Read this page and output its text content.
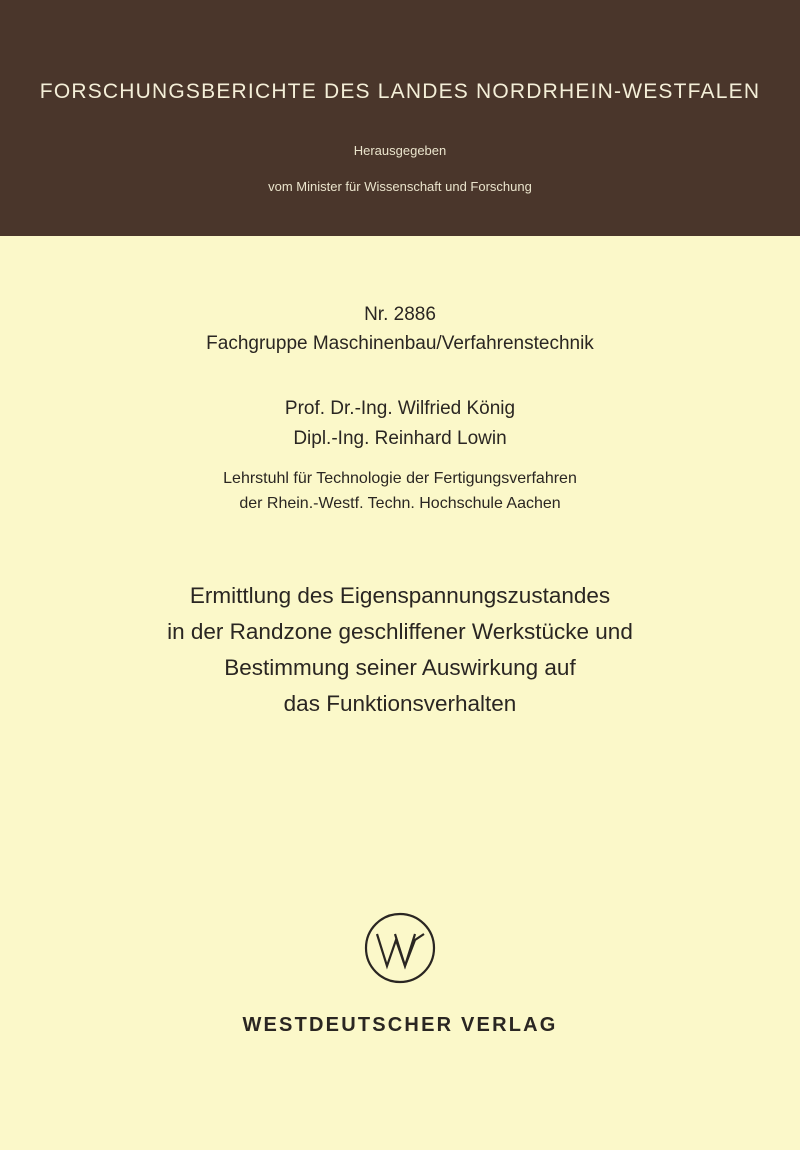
FORSCHUNGSBERICHTE DES LANDES NORDRHEIN-WESTFALEN
Herausgegeben
vom Minister für Wissenschaft und Forschung
Nr. 2886
Fachgruppe Maschinenbau/Verfahrenstechnik
Prof. Dr.-Ing. Wilfried König
Dipl.-Ing. Reinhard Lowin
Lehrstuhl für Technologie der Fertigungsverfahren
der Rhein.-Westf. Techn. Hochschule Aachen
Ermittlung des Eigenspannungszustandes
in der Randzone geschliffener Werkstücke und
Bestimmung seiner Auswirkung auf
das Funktionsverhalten
WESTDEUTSCHER VERLAG
